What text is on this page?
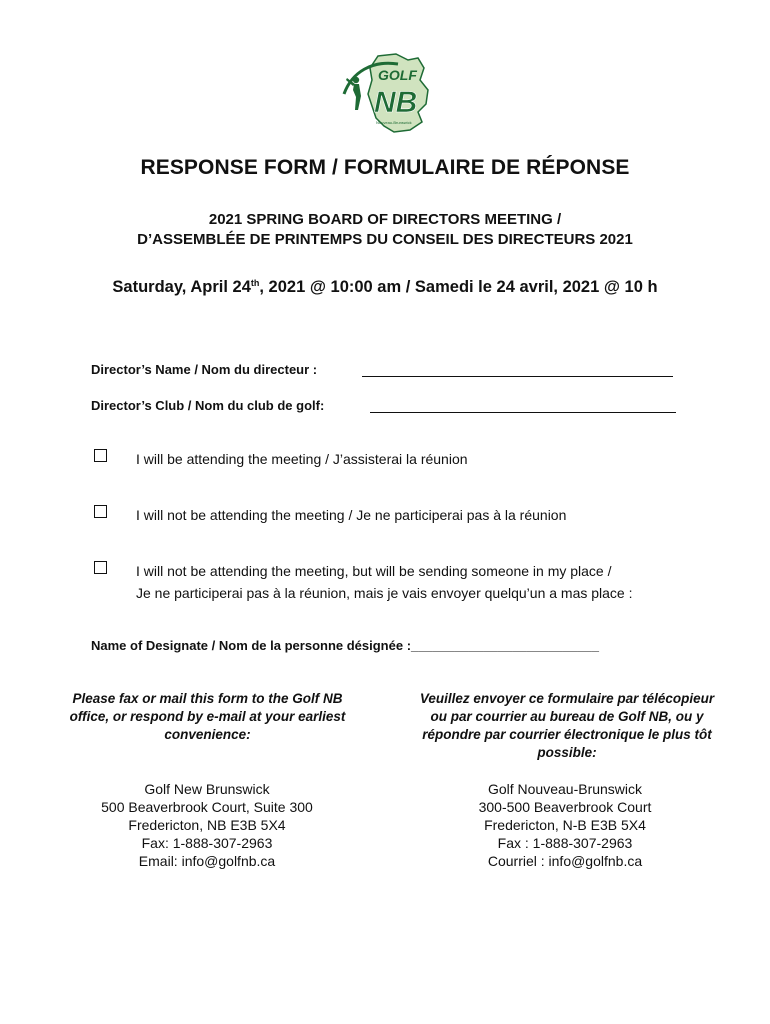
GOLF
NB
Nouveau-Brunswick
RESPONSE FORM / FORMULAIRE DE RÉPONSE
2021 SPRING BOARD OF DIRECTORS MEETING /
D’ASSEMBLÉE DE PRINTEMPS DU CONSEIL DES DIRECTEURS 2021
Saturday, April 24th, 2021 @ 10:00 am / Samedi le 24 avril, 2021 @ 10 h
Director’s Name / Nom du directeur :
Director’s Club / Nom du club de golf:
I will be attending the meeting / J’assisterai la réunion
I will not be attending the meeting / Je ne participerai pas à la réunion
I will not be attending the meeting, but will be sending someone in my place /
Je ne participerai pas à la réunion, mais je vais envoyer quelqu’un a mas place :
Name of Designate / Nom de la personne désignée :__________________________
Please fax or mail this form to the Golf NB
office, or respond by e-mail at your earliest
convenience:
Veuillez envoyer ce formulaire par télécopieur
ou par courrier au bureau de Golf NB, ou y
répondre par courrier électronique le plus tôt
possible:
Golf New Brunswick
500 Beaverbrook Court, Suite 300
Fredericton, NB E3B 5X4
Fax: 1-888-307-2963
Email: info@golfnb.ca
Golf Nouveau-Brunswick
300-500 Beaverbrook Court
Fredericton, N-B E3B 5X4
Fax : 1-888-307-2963
Courriel : info@golfnb.ca
